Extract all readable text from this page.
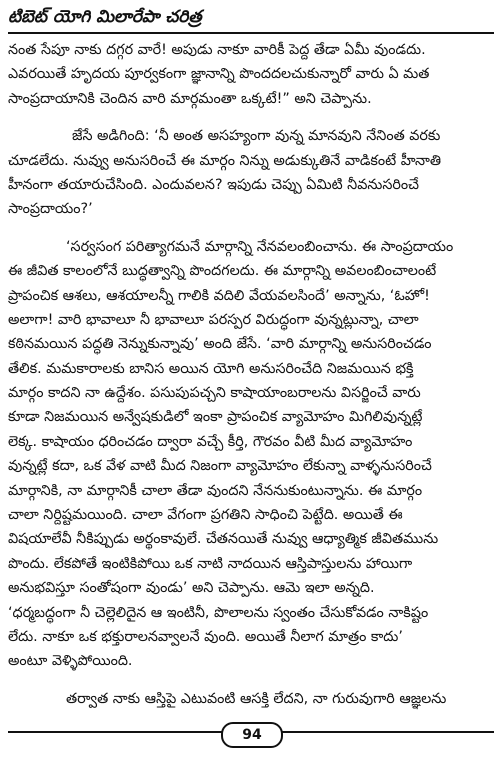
టిబెట్ యోగి మిలారేపా చరిత్ర
నంత సేపూ నాకు దగ్గర వారే! అపుడు నాకూ వారికీ పెద్ద తేడా ఏమీ వుండదు.
ఎవరయితే హృదయ పూర్వకంగా జ్ఞానాన్ని పొందదలచుకున్నారో వారు ఏ మత
సాంప్రదాయానికి చెందిన వారి మార్గమంతా ఒక్కటే!” అని చెప్పాను.
జేసే అడిగింది: ‘నీ అంత అసహ్యంగా వున్న మానవుని నేనింత వరకు
చూడలేదు. నువ్వు అనుసరించే ఈ మార్గం నిన్ను అడుక్కుతినే వాడికంటే హీనాతి
హీనంగా తయారుచేసింది. ఎందువలన? ఇపుడు చెప్పు ఏమిటి నీవనుసరించే
సాంప్రదాయం?’
‘సర్వసంగ పరిత్యాగమనే మార్గాన్ని నేనవలంబించాను. ఈ సాంప్రదాయం
ఈ జీవిత కాలంలోనే బుద్ధత్వాన్ని పొందగలదు. ఈ మార్గాన్ని అవలంబించాలంటే
ప్రాపంచిక ఆశలు, ఆశయాలన్నీ గాలికి వదిలి వేయవలసిందే’ అన్నాను, ‘ఓహో!
అలాగా! వారి భావాలూ నీ భావాలూ పరస్పర విరుద్ధంగా వున్నట్లున్నా, చాలా
కఠినమయిన పద్ధతి నెన్నుకున్నావు’ అంది జేసే. ‘వారి మార్గాన్ని అనుసరించడం
తేలిక. మమకారాలకు బానిస అయిన యోగి అనుసరించేది నిజమయిన భక్తి
మార్గం కాదని నా ఉద్దేశం. పసుపుపచ్చని కాషాయాంబరాలను విసర్జించే వారు
కూడా నిజమయిన అన్వేషకుడిలో ఇంకా ప్రాపంచిక వ్యామోహం మిగిలివున్నట్లే
లెక్క. కాషాయం ధరించడం ద్వారా వచ్చే కీర్తి, గౌరవం వీటి మీద వ్యామోహం
వున్నట్లే కదా, ఒక వేళ వాటి మీద నిజంగా వ్యామోహం లేకున్నా వాళ్ళనుసరించే
మార్గానికి, నా మార్గానికీ చాలా తేడా వుందని నేననుకుంటున్నాను. ఈ మార్గం
చాలా నిర్దిష్టమయింది. చాలా వేగంగా ప్రగతిని సాధించి పెట్టేది. అయితే ఈ
విషయాలేవీ నీకిప్పుడు అర్థంకావులే. చేతనయితే నువ్వు ఆధ్యాత్మిక జీవితమును
పొందు. లేకపోతే ఇంటికిపోయి ఒక నాటి నాదయిన ఆస్తిపాస్తులను హాయిగా
అనుభవిస్తూ సంతోషంగా వుండు’ అని చెప్పాను. ఆమె ఇలా అన్నది.
‘ధర్మబద్ధంగా నీ చెల్లెలిదైన ఆ ఇంటినీ, పొలాలను స్వంతం చేసుకోవడం నాకిష్టం
లేదు. నాకూ ఒక భక్తురాలనవ్వాలనే వుంది. అయితే నీలాగ మాత్రం కాదు’
అంటూ వెళ్ళిపోయింది.
తర్వాత నాకు ఆస్తిపై ఎటువంటి ఆసక్తి లేదని, నా గురువుగారి ఆజ్ఞలను
94
